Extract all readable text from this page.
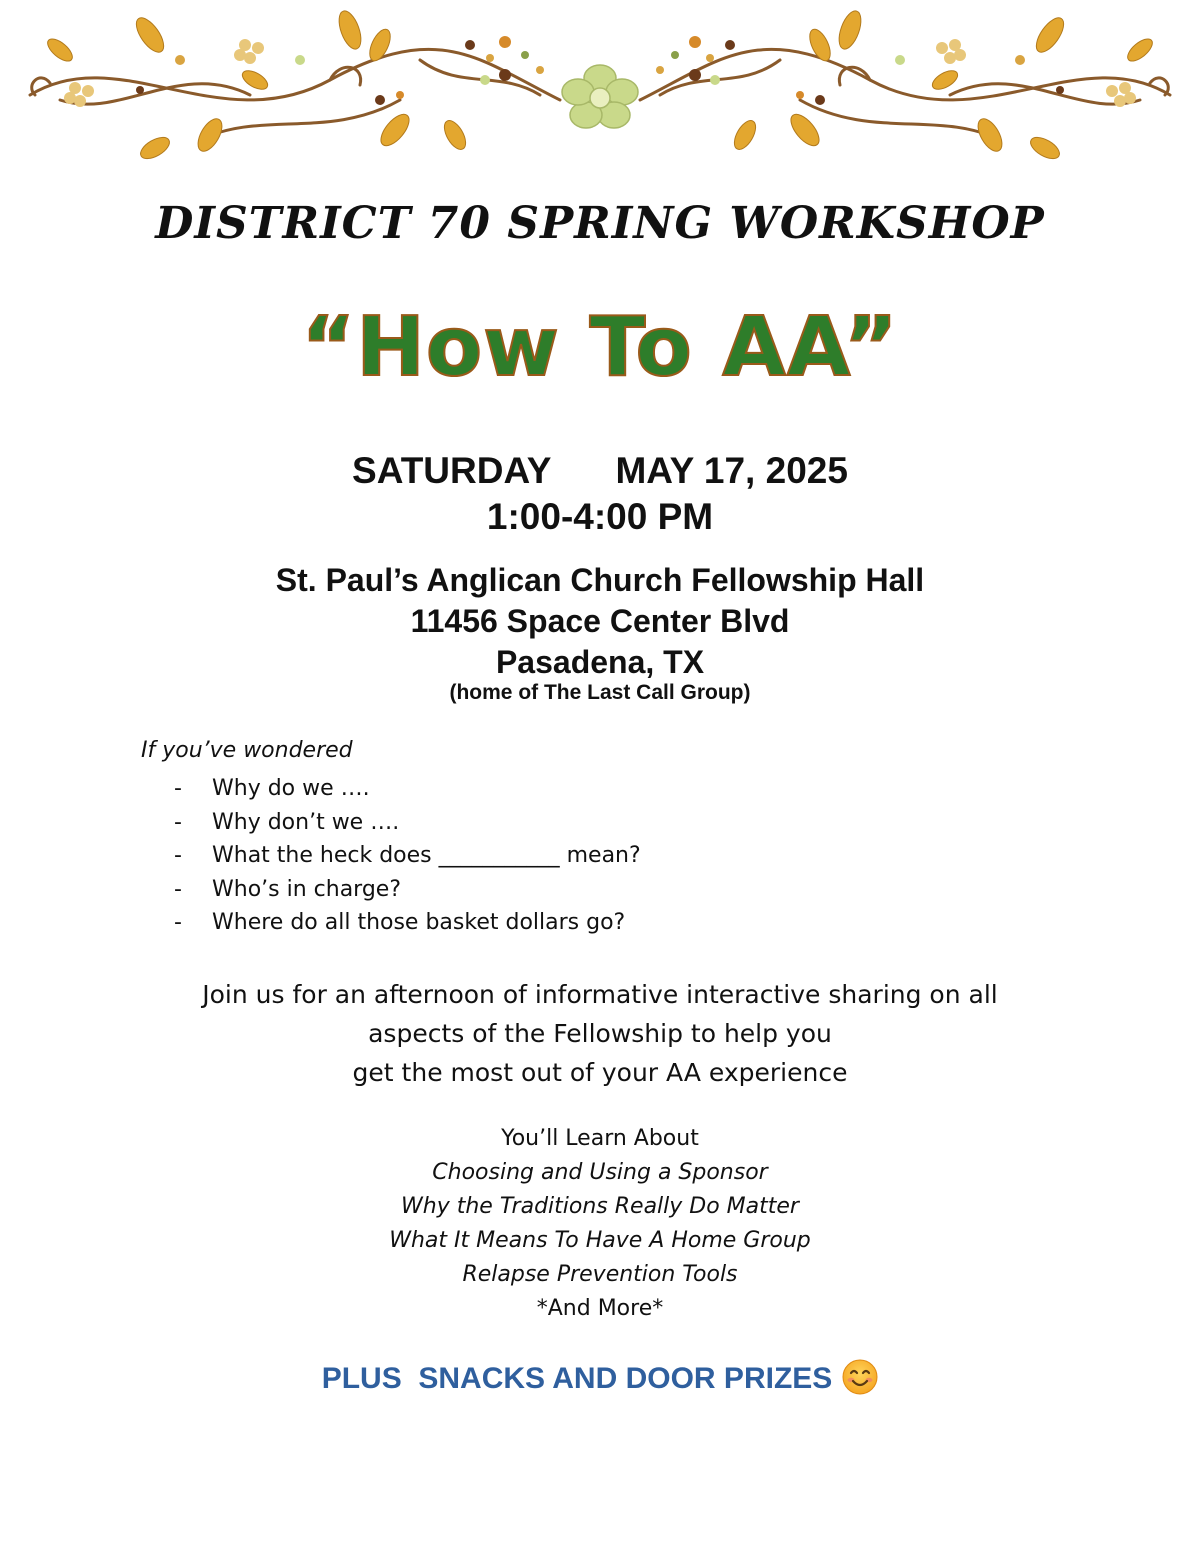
DISTRICT 70 SPRING WORKSHOP
“How To AA”
SATURDAY MAY 17, 2025
1:00-4:00 PM
St. Paul’s Anglican Church Fellowship Hall
11456 Space Center Blvd
Pasadena, TX
(home of The Last Call Group)
If you’ve wondered
-	Why do we ….
-	Why don’t we ….
-	What the heck does ___________ mean?
-	Who’s in charge?
-	Where do all those basket dollars go?
Join us for an afternoon of informative interactive sharing on all
aspects of the Fellowship to help you
get the most out of your AA experience
You’ll Learn About
Choosing and Using a Sponsor
Why the Traditions Really Do Matter
What It Means To Have A Home Group
Relapse Prevention Tools
*And More*
PLUS  SNACKS AND DOOR PRIZES
